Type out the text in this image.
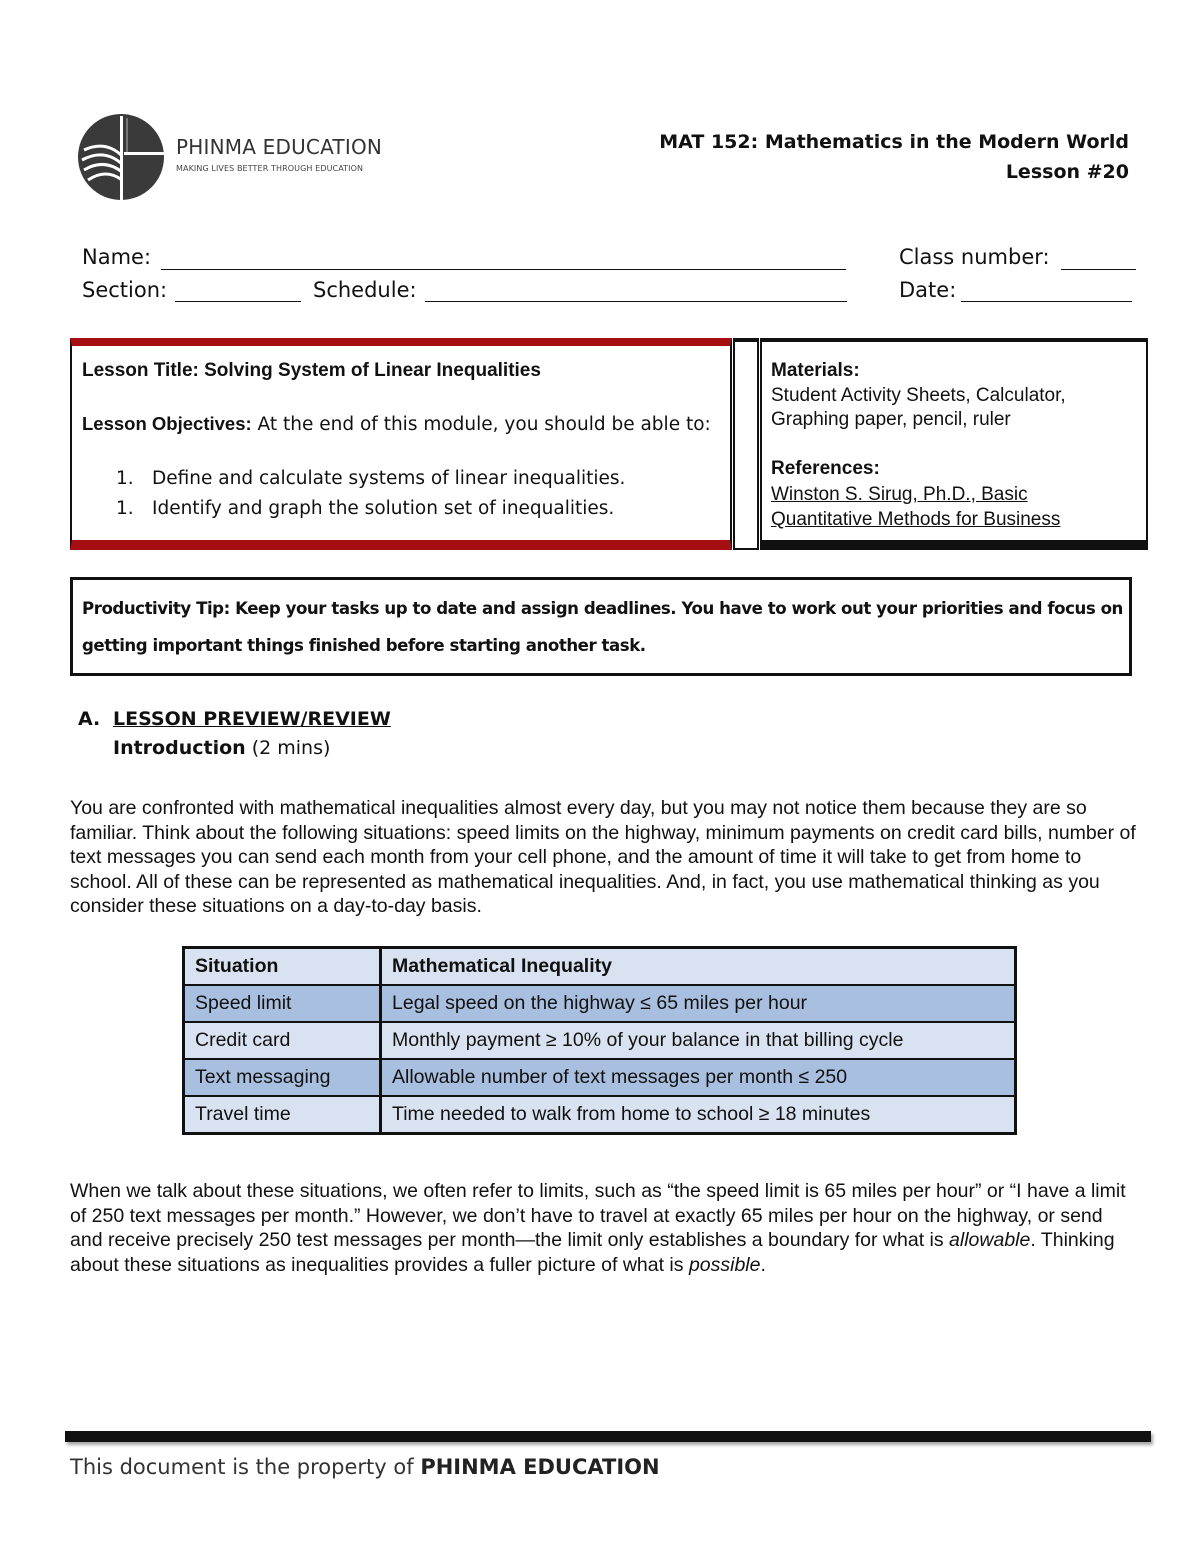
PHINMA EDUCATION
MAKING LIVES BETTER THROUGH EDUCATION
MAT 152: Mathematics in the Modern World
Lesson #20
Name:	Class number:
Section:	Schedule:	Date:
Lesson Title: Solving System of Linear Inequalities
Lesson Objectives: At the end of this module, you should be able to:
1. Define and calculate systems of linear inequalities.
1. Identify and graph the solution set of inequalities.
Materials:
Student Activity Sheets, Calculator,
Graphing paper, pencil, ruler
References:
Winston S. Sirug, Ph.D., Basic
Quantitative Methods for Business
Productivity Tip: Keep your tasks up to date and assign deadlines. You have to work out your priorities and focus on getting important things finished before starting another task.
A. LESSON PREVIEW/REVIEW
Introduction (2 mins)
You are confronted with mathematical inequalities almost every day, but you may not notice them because they are so familiar. Think about the following situations: speed limits on the highway, minimum payments on credit card bills, number of text messages you can send each month from your cell phone, and the amount of time it will take to get from home to school. All of these can be represented as mathematical inequalities. And, in fact, you use mathematical thinking as you consider these situations on a day-to-day basis.
Situation	Mathematical Inequality
Speed limit	Legal speed on the highway ≤ 65 miles per hour
Credit card	Monthly payment ≥ 10% of your balance in that billing cycle
Text messaging	Allowable number of text messages per month ≤ 250
Travel time	Time needed to walk from home to school ≥ 18 minutes
When we talk about these situations, we often refer to limits, such as “the speed limit is 65 miles per hour” or “I have a limit of 250 text messages per month.” However, we don’t have to travel at exactly 65 miles per hour on the highway, or send and receive precisely 250 test messages per month—the limit only establishes a boundary for what is allowable. Thinking about these situations as inequalities provides a fuller picture of what is possible.
This document is the property of PHINMA EDUCATION
